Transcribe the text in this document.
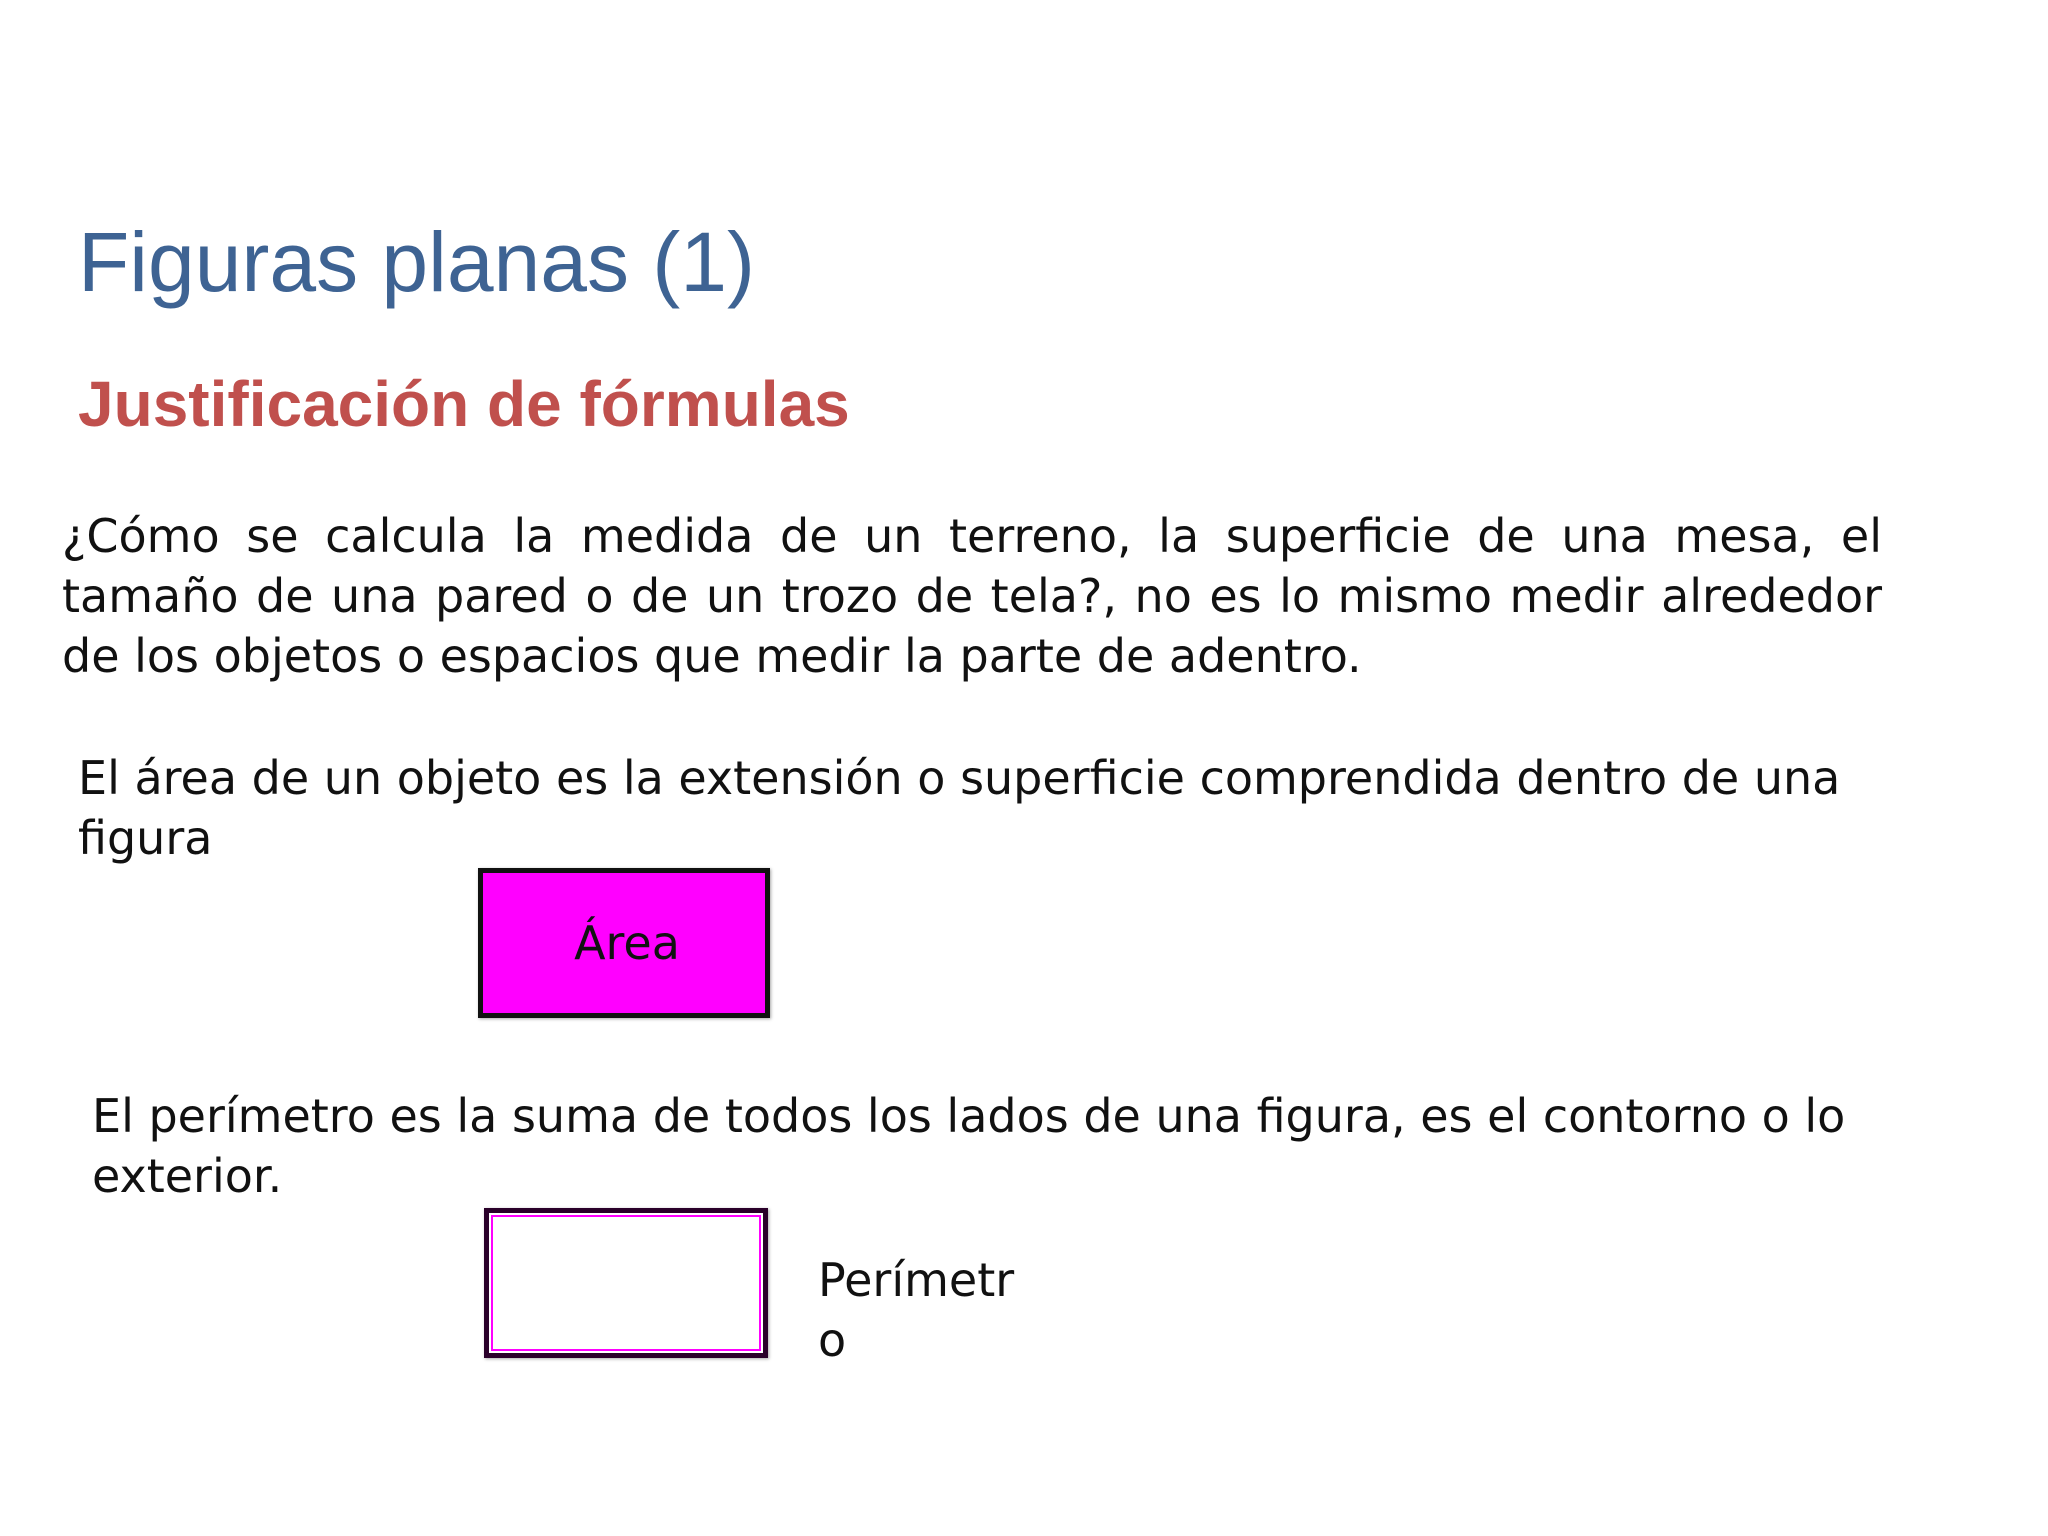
Figuras planas (1)
Justificación de fórmulas
¿Cómo se calcula la medida de un terreno, la superficie de una mesa, el tamaño de una pared o de un trozo de tela?, no es lo mismo medir alrededor de los objetos o espacios que medir la parte de adentro.
El área de un objeto es la extensión o superficie comprendida dentro de una figura
Área
El perímetro es la suma de todos los lados de una figura, es el contorno o lo exterior.
Perímetro
